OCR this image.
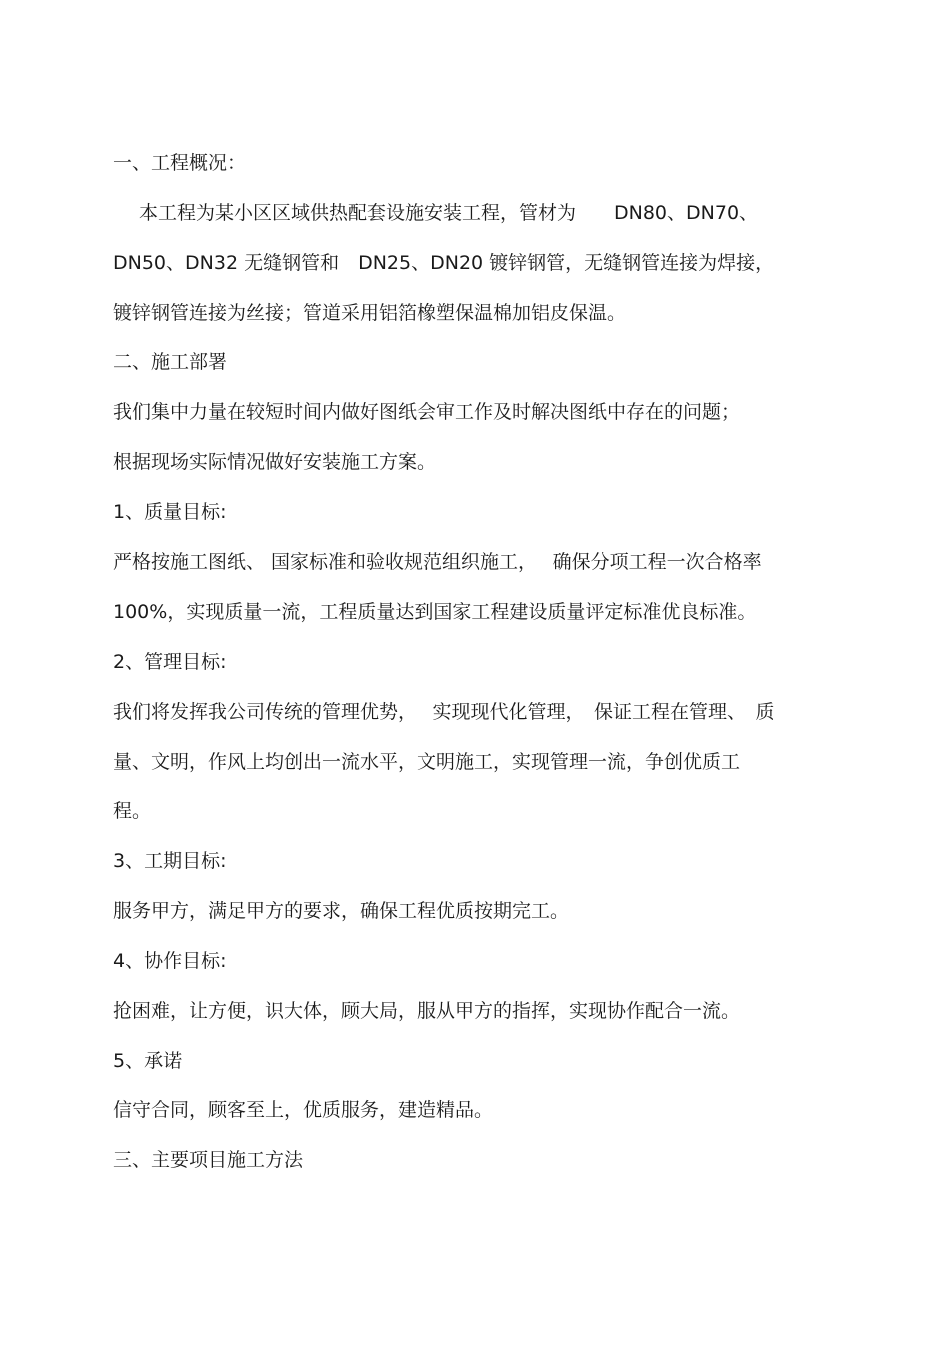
一、工程概况：
本工程为某小区区域供热配套设施安装工程，管材为　　DN80、DN70、
DN50、DN32 无缝钢管和　DN25、DN20 镀锌钢管，无缝钢管连接为焊接，
镀锌钢管连接为丝接；管道采用铝箔橡塑保温棉加铝皮保温。
二、施工部署
我们集中力量在较短时间内做好图纸会审工作及时解决图纸中存在的问题；
根据现场实际情况做好安装施工方案。
1、质量目标:
严格按施工图纸、 国家标准和验收规范组织施工，　 确保分项工程一次合格率
100%，实现质量一流，工程质量达到国家工程建设质量评定标准优良标准。
2、管理目标:
我们将发挥我公司传统的管理优势，　 实现现代化管理，　保证工程在管理、　质
量、文明，作风上均创出一流水平，文明施工，实现管理一流，争创优质工
程。
3、工期目标:
服务甲方，满足甲方的要求，确保工程优质按期完工。
4、协作目标:
抢困难，让方便，识大体，顾大局，服从甲方的指挥，实现协作配合一流。
5、承诺
信守合同，顾客至上，优质服务，建造精品。
三、主要项目施工方法
